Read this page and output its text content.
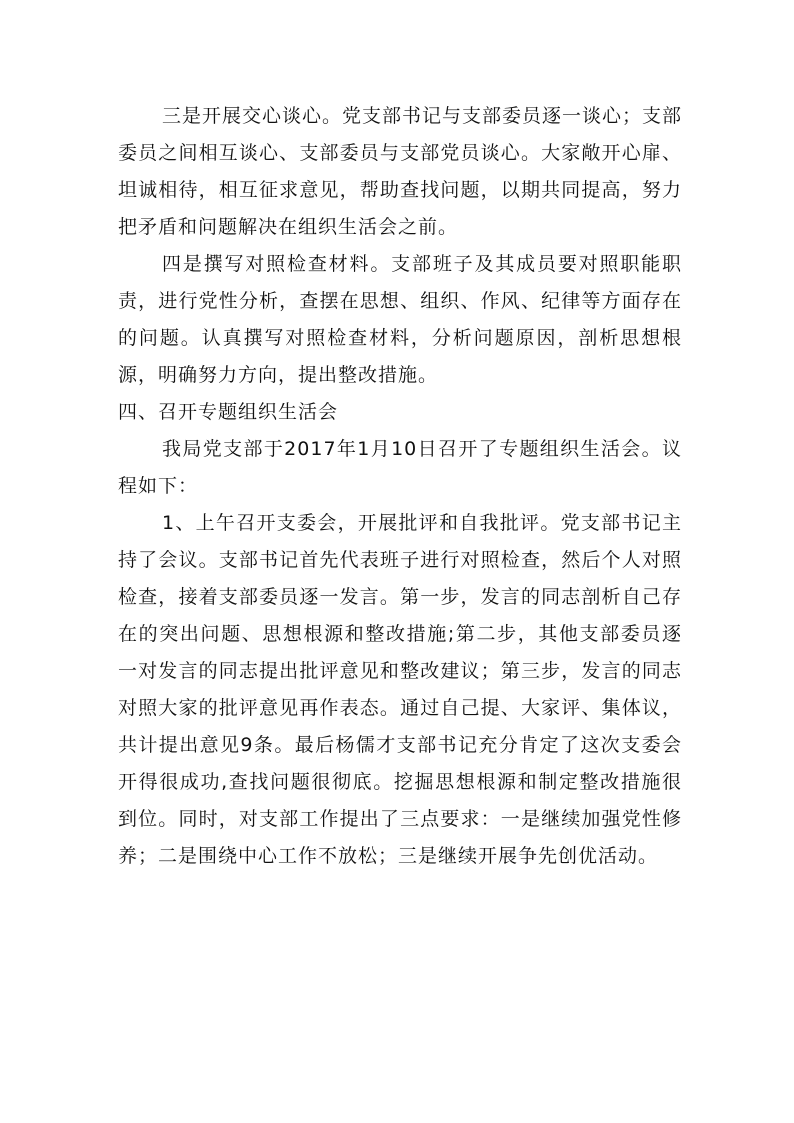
三是开展交心谈心。党支部书记与支部委员逐一谈心；支部委员之间相互谈心、支部委员与支部党员谈心。大家敞开心扉、坦诚相待，相互征求意见，帮助查找问题，以期共同提高，努力把矛盾和问题解决在组织生活会之前。

四是撰写对照检查材料。支部班子及其成员要对照职能职责，进行党性分析，查摆在思想、组织、作风、纪律等方面存在的问题。认真撰写对照检查材料，分析问题原因，剖析思想根源，明确努力方向，提出整改措施。

四、召开专题组织生活会

我局党支部于2017年1月10日召开了专题组织生活会。议程如下：

1、上午召开支委会，开展批评和自我批评。党支部书记主持了会议。支部书记首先代表班子进行对照检查，然后个人对照检查，接着支部委员逐一发言。第一步，发言的同志剖析自己存在的突出问题、思想根源和整改措施;第二步，其他支部委员逐一对发言的同志提出批评意见和整改建议；第三步，发言的同志对照大家的批评意见再作表态。通过自己提、大家评、集体议，共计提出意见9条。最后杨儒才支部书记充分肯定了这次支委会开得很成功,查找问题很彻底。挖掘思想根源和制定整改措施很到位。同时，对支部工作提出了三点要求：一是继续加强党性修养；二是围绕中心工作不放松；三是继续开展争先创优活动。
